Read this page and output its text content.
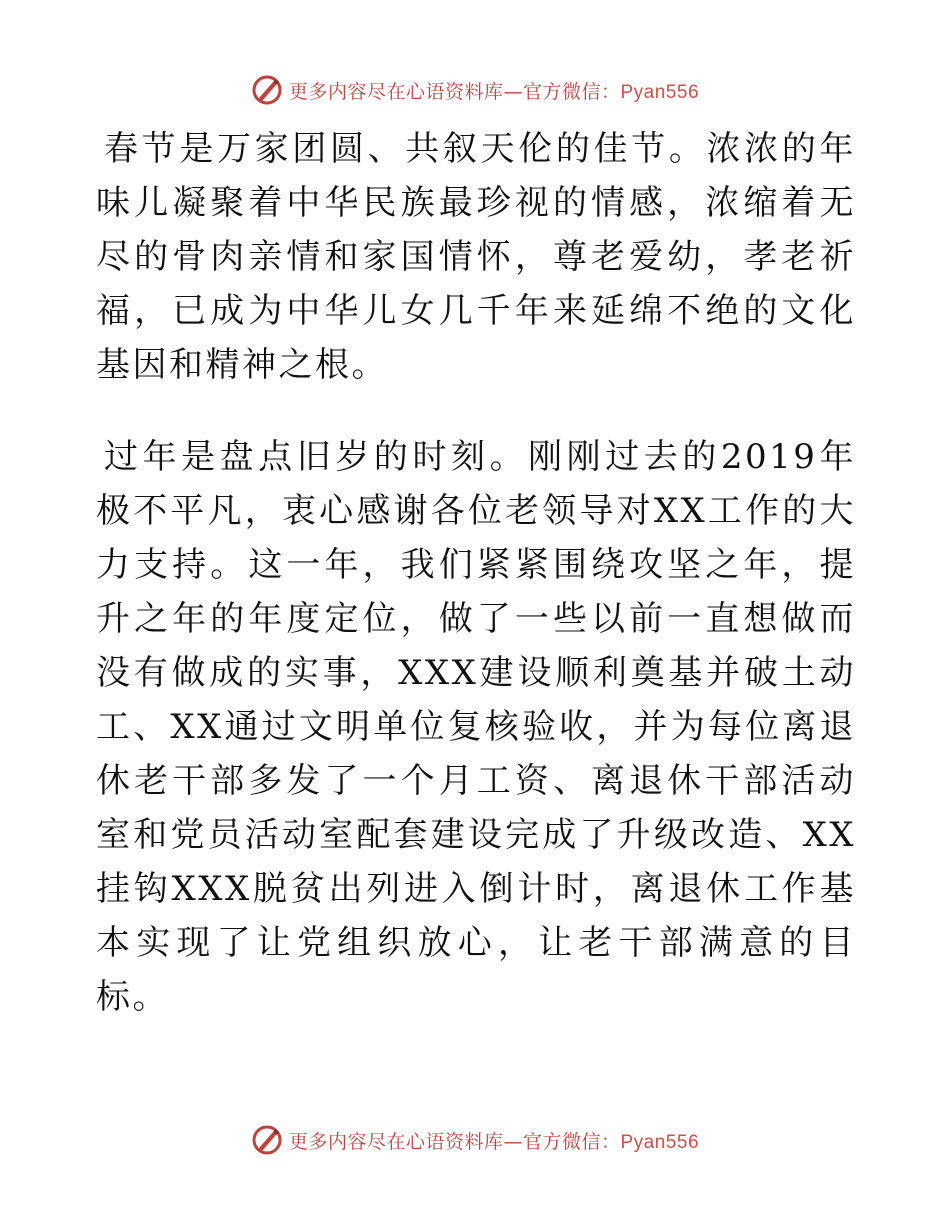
更多内容尽在心语资料库—官方微信：Pyan556

春节是万家团圆、共叙天伦的佳节。浓浓的年味儿凝聚着中华民族最珍视的情感，浓缩着无尽的骨肉亲情和家国情怀，尊老爱幼，孝老祈福，已成为中华儿女几千年来延绵不绝的文化基因和精神之根。

过年是盘点旧岁的时刻。刚刚过去的2019年极不平凡，衷心感谢各位老领导对XX工作的大力支持。这一年，我们紧紧围绕攻坚之年，提升之年的年度定位，做了一些以前一直想做而没有做成的实事，XXX建设顺利奠基并破土动工、XX通过文明单位复核验收，并为每位离退休老干部多发了一个月工资、离退休干部活动室和党员活动室配套建设完成了升级改造、XX挂钩XXX脱贫出列进入倒计时，离退休工作基本实现了让党组织放心，让老干部满意的目标。

更多内容尽在心语资料库—官方微信：Pyan556
